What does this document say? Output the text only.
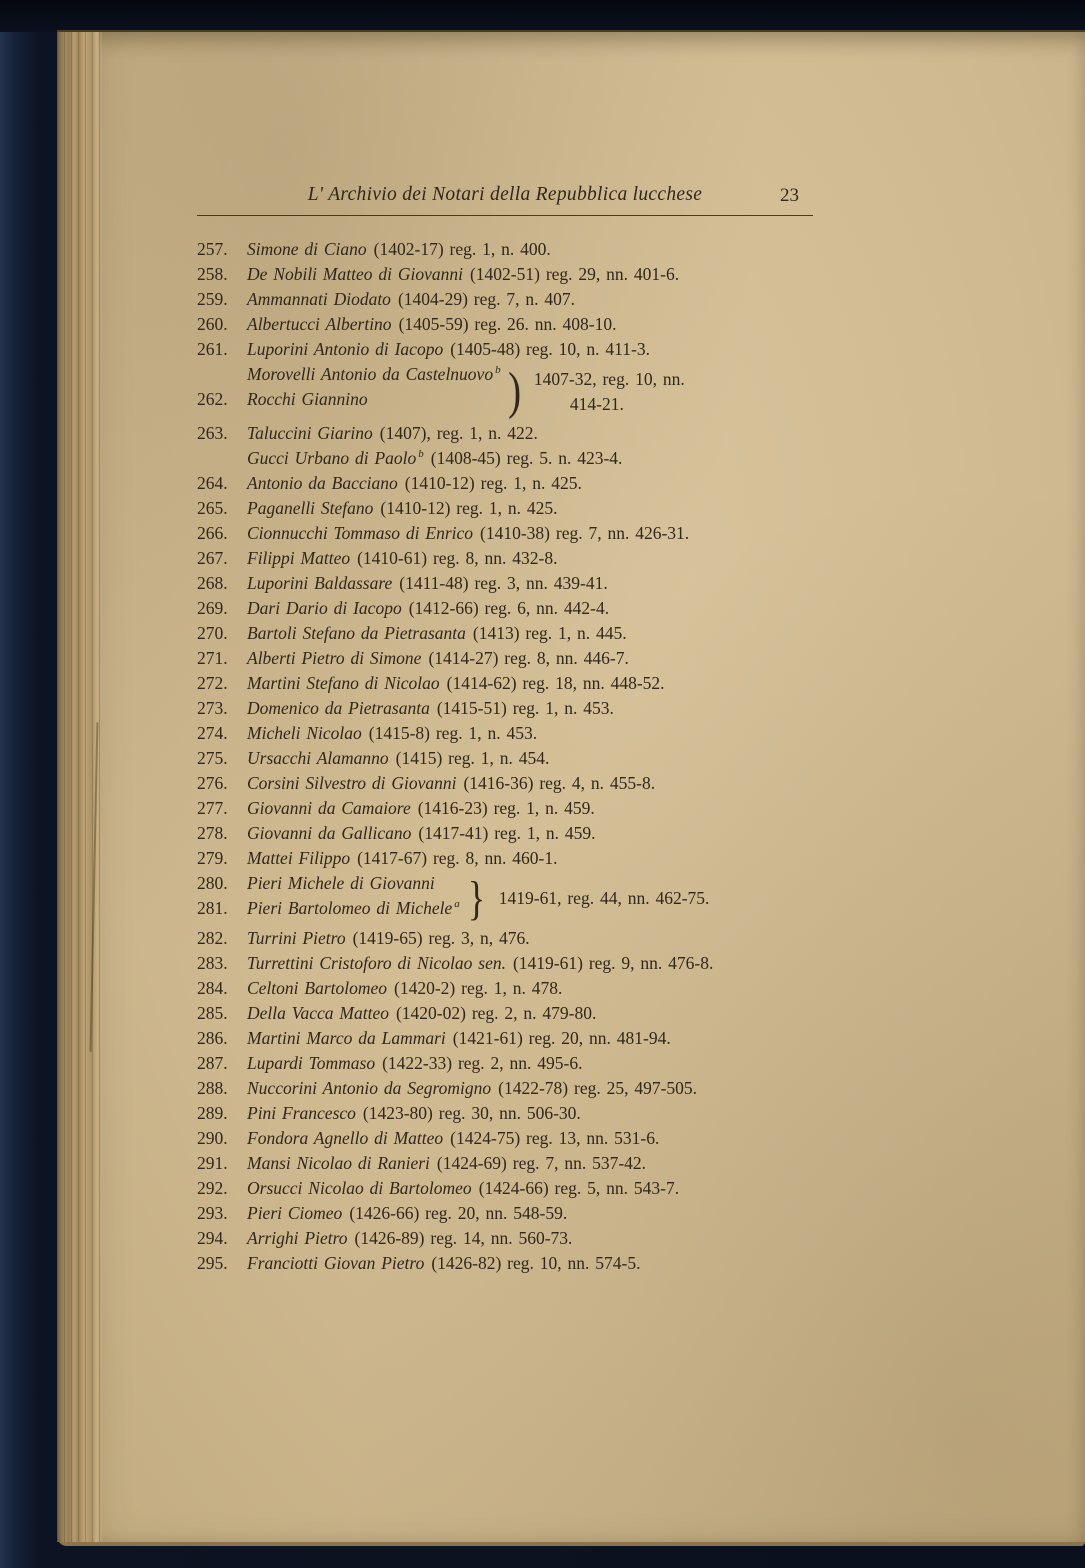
L' Archivio dei Notari della Repubblica lucchese	23
257. Simone di Ciano (1402-17) reg. 1, n. 400.
258. De Nobili Matteo di Giovanni (1402-51) reg. 29, nn. 401-6.
259. Ammannati Diodato (1404-29) reg. 7, n. 407.
260. Albertucci Albertino (1405-59) reg. 26. nn. 408-10.
261. Luporini Antonio di Iacopo (1405-48) reg. 10, n. 411-3.
Morovelli Antonio da Castelnuovo $^b$
262. Rocchi Giannino	) 1407-32, reg. 10, nn.
414-21.
263. Taluccini Giarino (1407), reg. 1, n. 422.
Gucci Urbano di Paolo $^b$ (1408-45) reg. 5. n. 423-4.
264. Antonio da Bacciano (1410-12) reg. 1, n. 425.
265. Paganelli Stefano (1410-12) reg. 1, n. 425.
266. Cionnucchi Tommaso di Enrico (1410-38) reg. 7, nn. 426-31.
267. Filippi Matteo (1410-61) reg. 8, nn. 432-8.
268. Luporini Baldassare (1411-48) reg. 3, nn. 439-41.
269. Dari Dario di Iacopo (1412-66) reg. 6, nn. 442-4.
270. Bartoli Stefano da Pietrasanta (1413) reg. 1, n. 445.
271. Alberti Pietro di Simone (1414-27) reg. 8, nn. 446-7.
272. Martini Stefano di Nicolao (1414-62) reg. 18, nn. 448-52.
273. Domenico da Pietrasanta (1415-51) reg. 1, n. 453.
274. Micheli Nicolao (1415-8) reg. 1, n. 453.
275. Ursacchi Alamanno (1415) reg. 1, n. 454.
276. Corsini Silvestro di Giovanni (1416-36) reg. 4, n. 455-8.
277. Giovanni da Camaiore (1416-23) reg. 1, n. 459.
278. Giovanni da Gallicano (1417-41) reg. 1, n. 459.
279. Mattei Filippo (1417-67) reg. 8, nn. 460-1.
280. Pieri Michele di Giovanni
281. Pieri Bartolomeo di Michele $^a$ } 1419-61, reg. 44, nn. 462-75.
282. Turrini Pietro (1419-65) reg. 3, n, 476.
283. Turrettini Cristoforo di Nicolao sen. (1419-61) reg. 9, nn. 476-8.
284. Celtoni Bartolomeo (1420-2) reg. 1, n. 478.
285. Della Vacca Matteo (1420-02) reg. 2, n. 479-80.
286. Martini Marco da Lammari (1421-61) reg. 20, nn. 481-94.
287. Lupardi Tommaso (1422-33) reg. 2, nn. 495-6.
288. Nuccorini Antonio da Segromigno (1422-78) reg. 25, 497-505.
289. Pini Francesco (1423-80) reg. 30, nn. 506-30.
290. Fondora Agnello di Matteo (1424-75) reg. 13, nn. 531-6.
291. Mansi Nicolao di Ranieri (1424-69) reg. 7, nn. 537-42.
292. Orsucci Nicolao di Bartolomeo (1424-66) reg. 5, nn. 543-7.
293. Pieri Ciomeo (1426-66) reg. 20, nn. 548-59.
294. Arrighi Pietro (1426-89) reg. 14, nn. 560-73.
295. Franciotti Giovan Pietro (1426-82) reg. 10, nn. 574-5.
